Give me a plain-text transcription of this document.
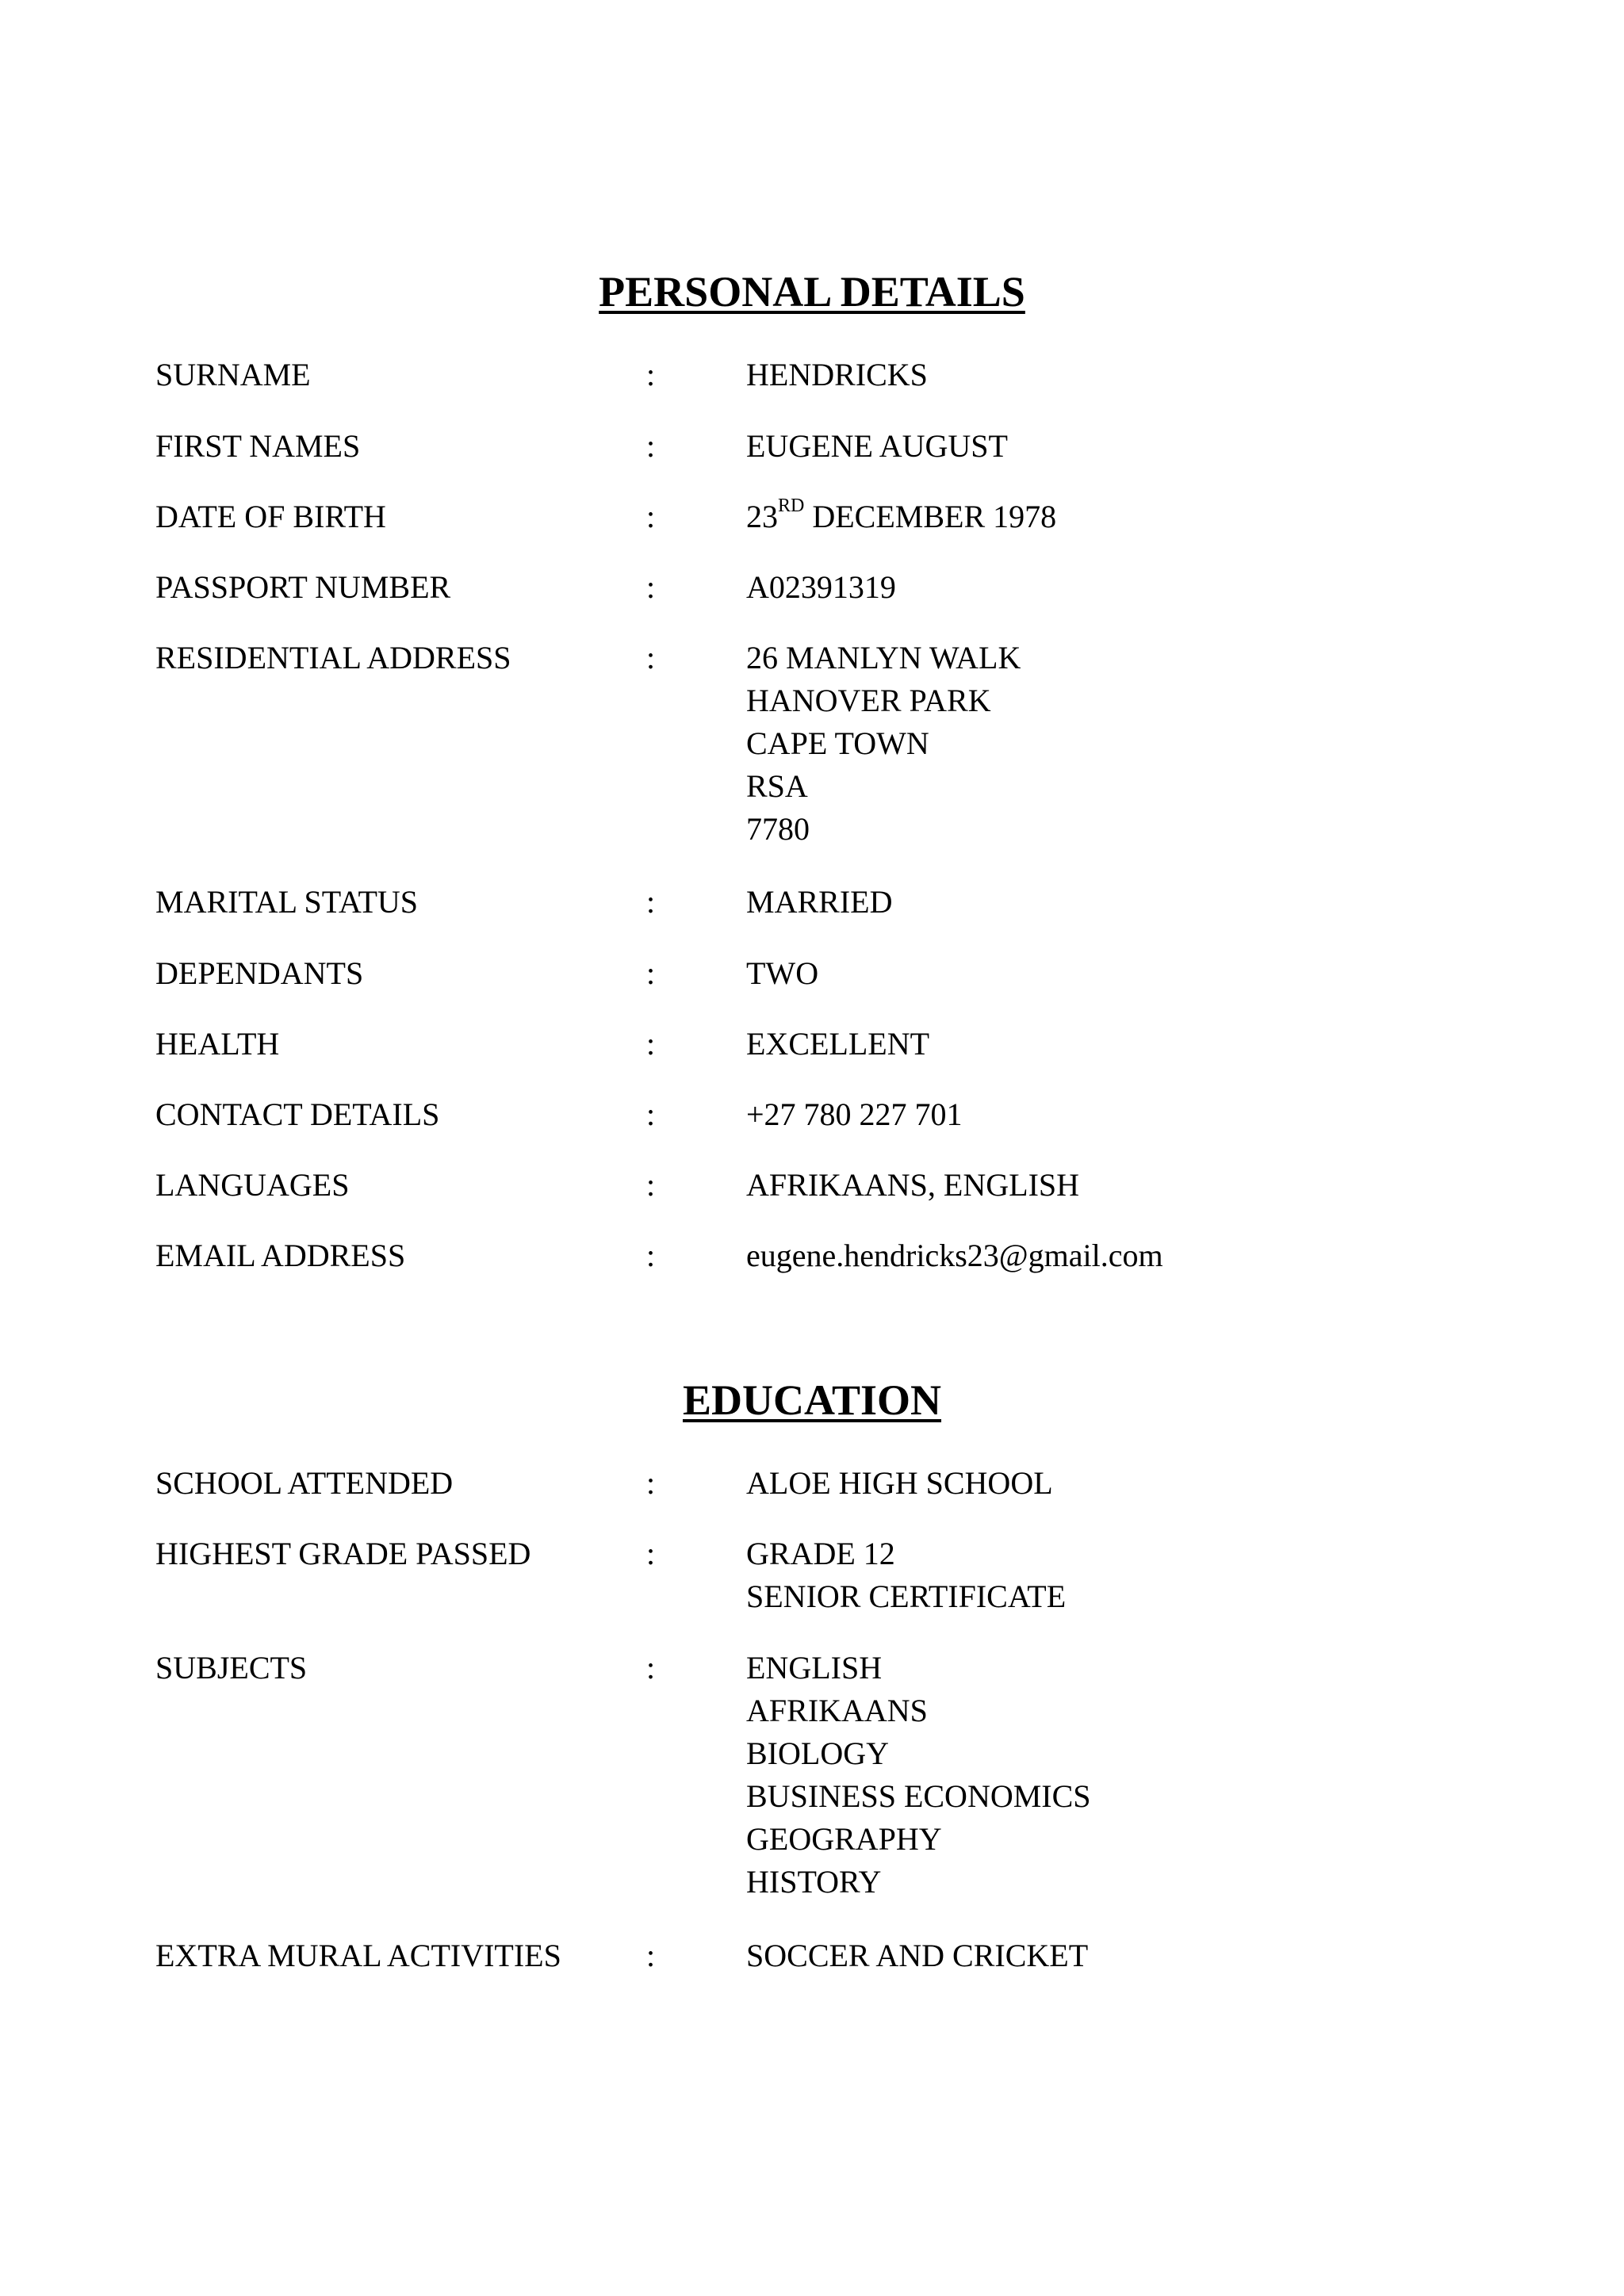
PERSONAL DETAILS
SURNAME	:	HENDRICKS
FIRST NAMES	:	EUGENE AUGUST
DATE OF BIRTH	:	23RD DECEMBER 1978
PASSPORT NUMBER	:	A02391319
RESIDENTIAL ADDRESS	:	26 MANLYN WALK
HANOVER PARK
CAPE TOWN
RSA
7780
MARITAL STATUS	:	MARRIED
DEPENDANTS	:	TWO
HEALTH	:	EXCELLENT
CONTACT DETAILS	:	+27 780 227 701
LANGUAGES	:	AFRIKAANS, ENGLISH
EMAIL ADDRESS	:	eugene.hendricks23@gmail.com
EDUCATION
SCHOOL ATTENDED	:	ALOE HIGH SCHOOL
HIGHEST GRADE PASSED	:	GRADE 12
SENIOR CERTIFICATE
SUBJECTS	:	ENGLISH
AFRIKAANS
BIOLOGY
BUSINESS ECONOMICS
GEOGRAPHY
HISTORY
EXTRA MURAL ACTIVITIES	:	SOCCER AND CRICKET
